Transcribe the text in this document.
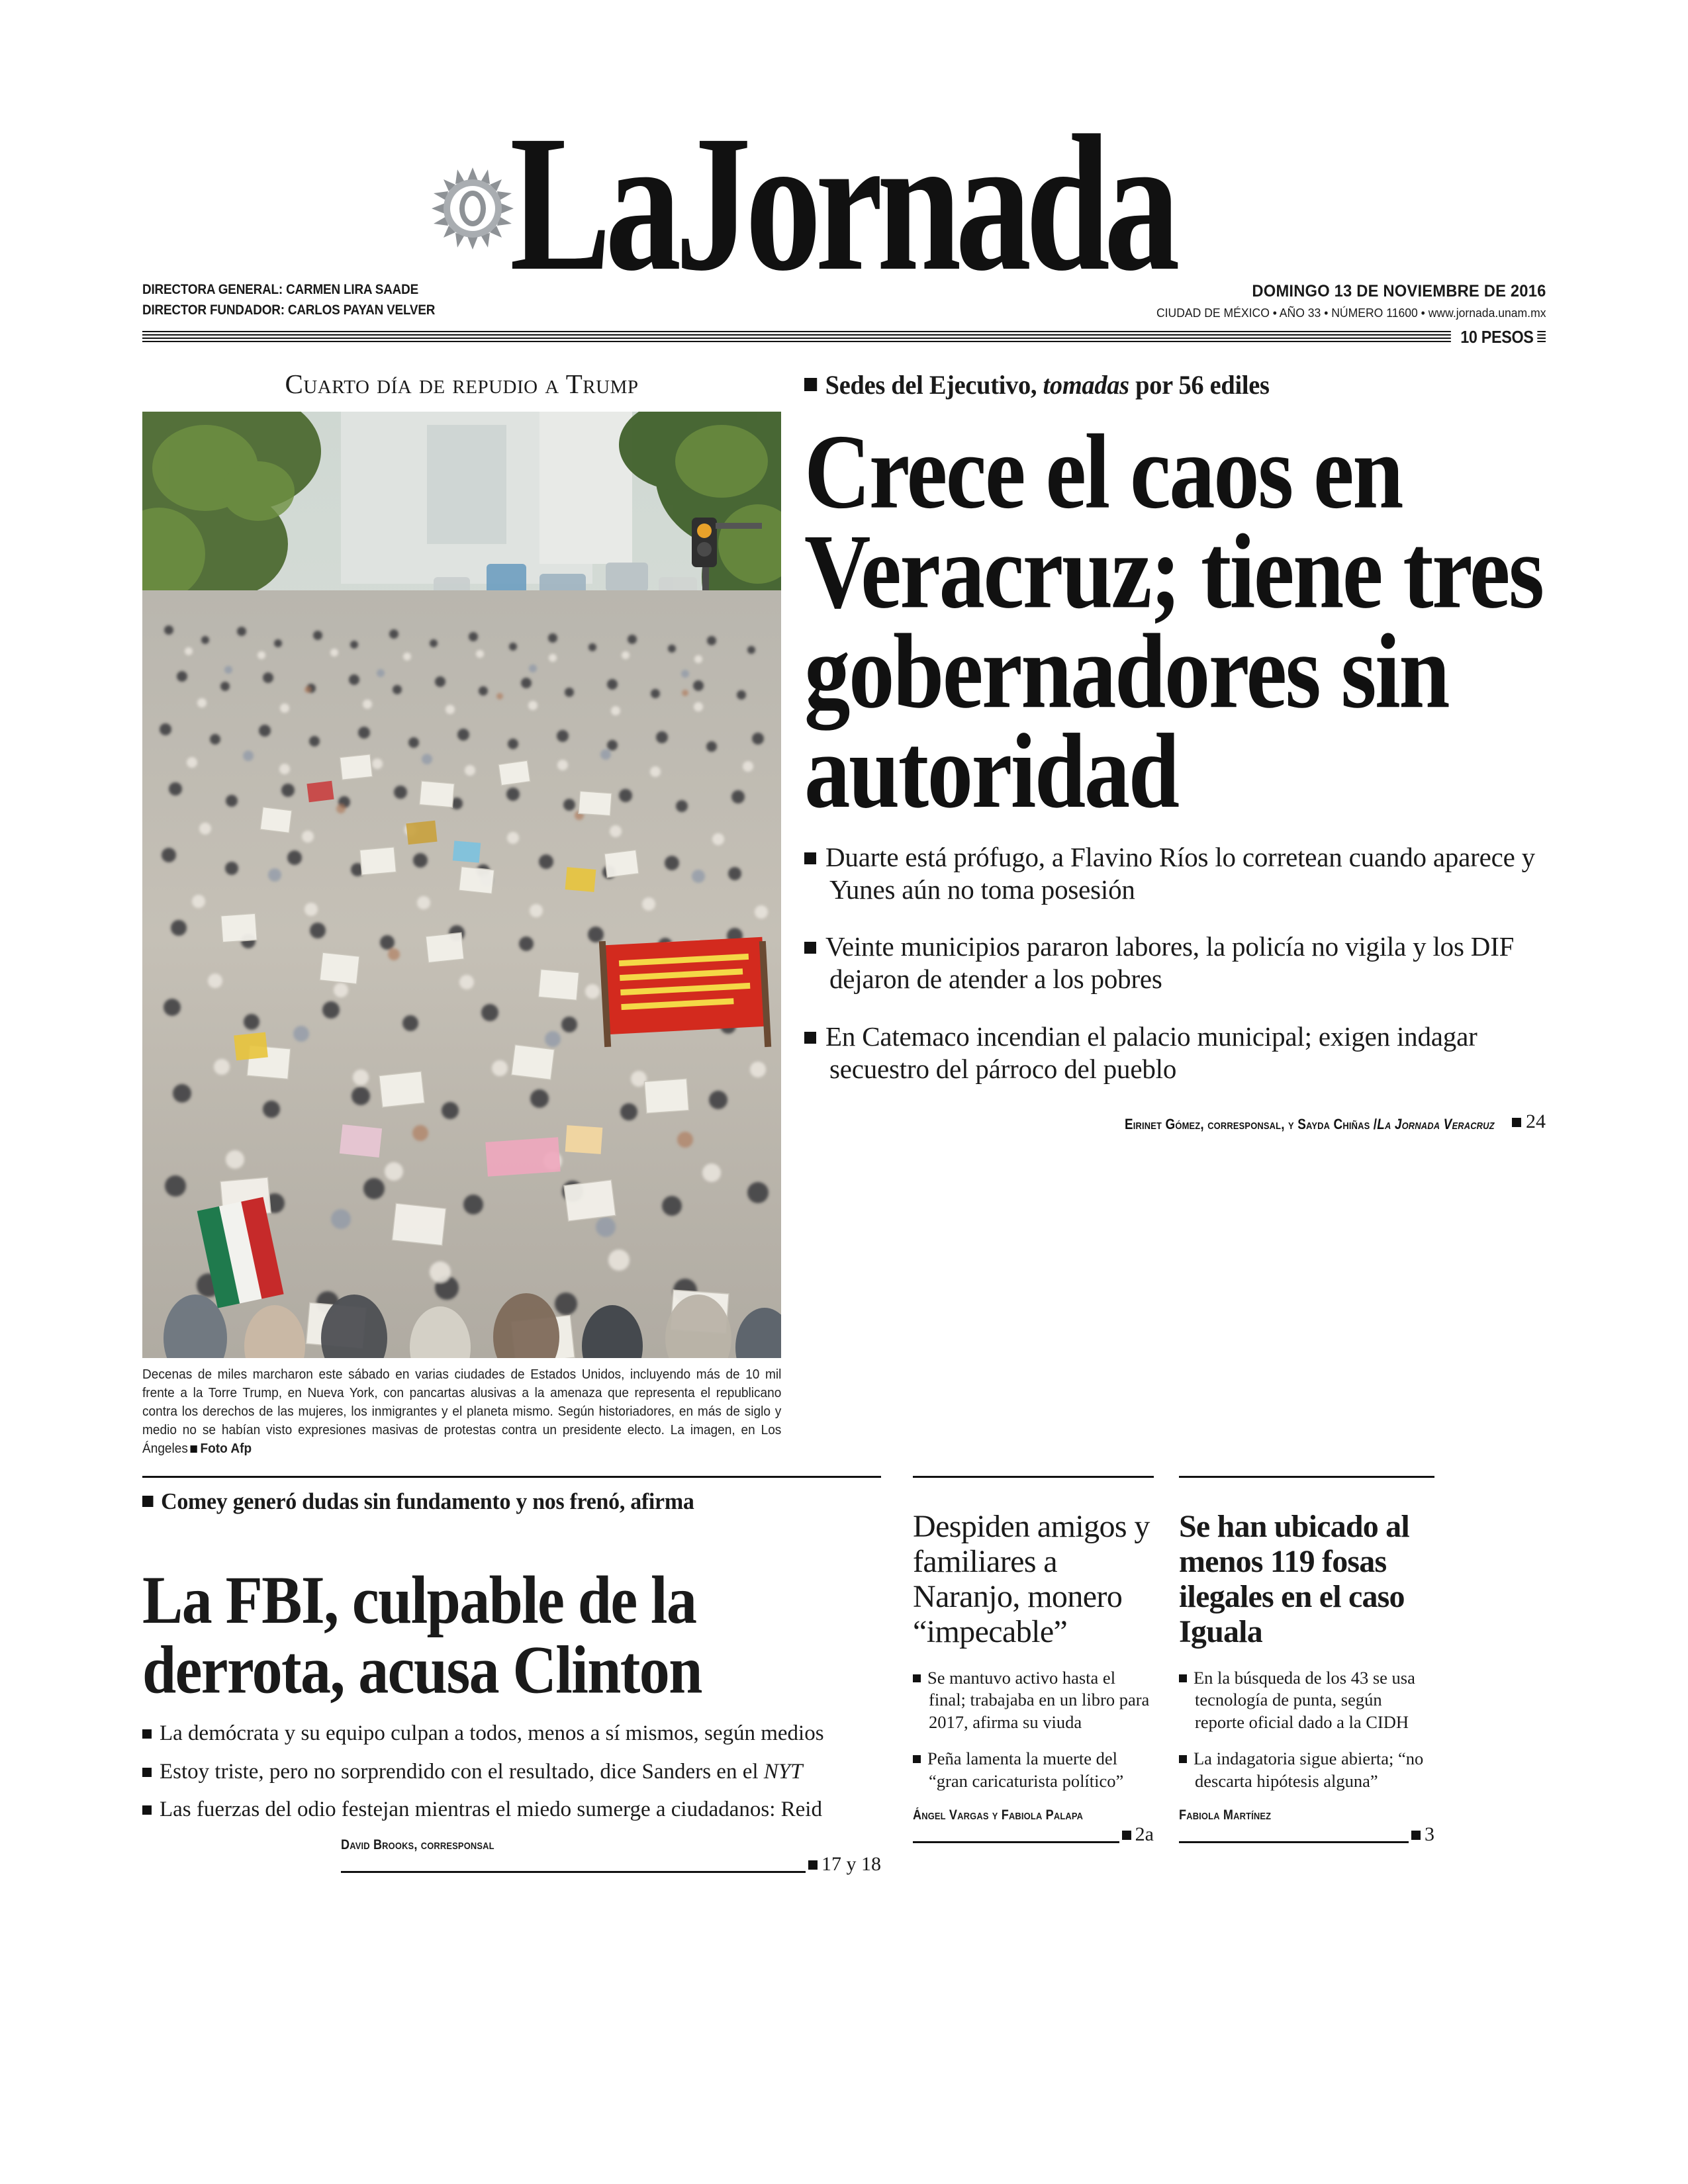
LaJornada
DIRECTORA GENERAL: CARMEN LIRA SAADE
DIRECTOR FUNDADOR: CARLOS PAYAN VELVER
DOMINGO 13 DE NOVIEMBRE DE 2016
CIUDAD DE MÉXICO • AÑO 33 • NÚMERO 11600 • www.jornada.unam.mx
10 PESOS
Cuarto día de repudio a Trump
Decenas de miles marcharon este sábado en varias ciudades de Estados Unidos, incluyendo más de 10 mil frente a la Torre Trump, en Nueva York, con pancartas alusivas a la amenaza que representa el republicano contra los derechos de las mujeres, los inmigrantes y el planeta mismo. Según historiadores, en más de siglo y medio no se habían visto expresiones masivas de protestas contra un presidente electo. La imagen, en Los Ángeles Foto Afp
Sedes del Ejecutivo, tomadas por 56 ediles
Crece el caos en Veracruz; tiene tres gobernadores sin autoridad
Duarte está prófugo, a Flavino Ríos lo corretean cuando aparece y Yunes aún no toma posesión
Veinte municipios pararon labores, la policía no vigila y los DIF dejaron de atender a los pobres
En Catemaco incendian el palacio municipal; exigen indagar secuestro del párroco del pueblo
Eirinet Gómez, corresponsal, y Sayda Chiñas /La Jornada Veracruz	24
Comey generó dudas sin fundamento y nos frenó, afirma
La FBI, culpable de la derrota, acusa Clinton
La demócrata y su equipo culpan a todos, menos a sí mismos, según medios
Estoy triste, pero no sorprendido con el resultado, dice Sanders en el NYT
Las fuerzas del odio festejan mientras el miedo sumerge a ciudadanos: Reid
David Brooks, corresponsal
17 y 18
Despiden amigos y familiares a Naranjo, monero “impecable”
Se mantuvo activo hasta el final; trabajaba en un libro para 2017, afirma su viuda
Peña lamenta la muerte del “gran caricaturista político”
Ángel Vargas y Fabiola Palapa
2a
Se han ubicado al menos 119 fosas ilegales en el caso Iguala
En la búsqueda de los 43 se usa tecnología de punta, según reporte oficial dado a la CIDH
La indagatoria sigue abierta; “no descarta hipótesis alguna”
Fabiola Martínez
3
